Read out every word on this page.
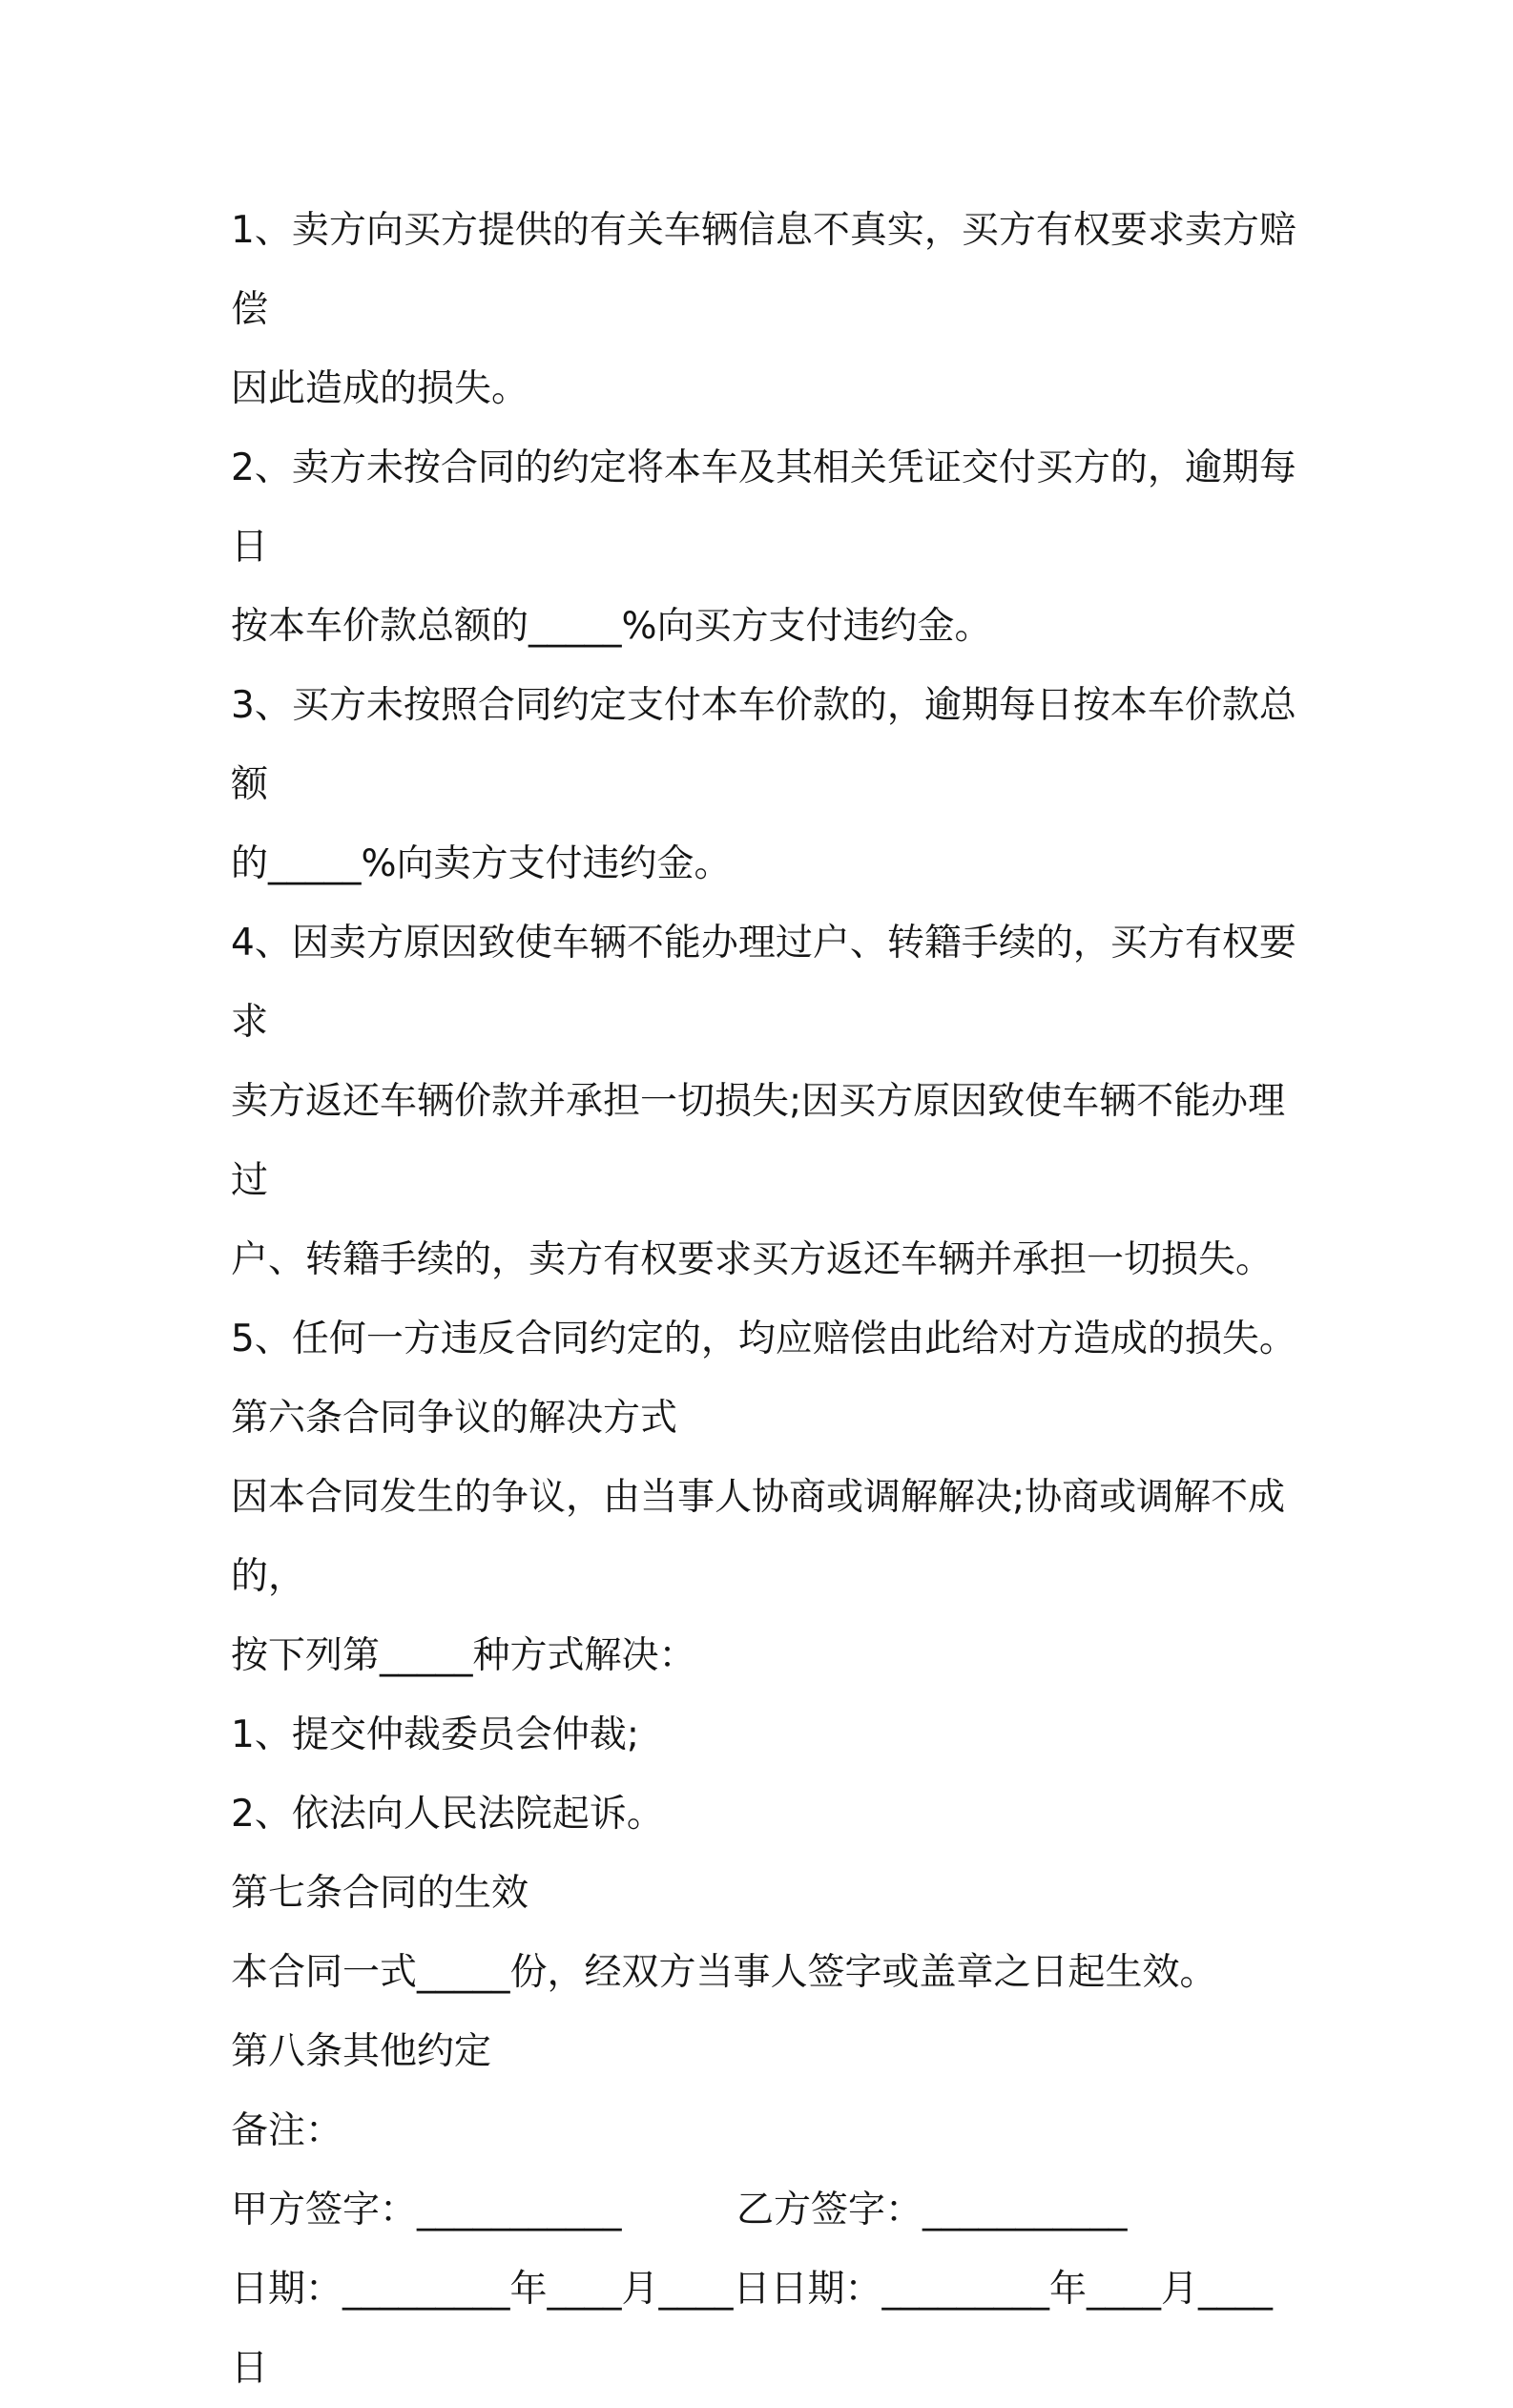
1、卖方向买方提供的有关车辆信息不真实，买方有权要求卖方赔偿

因此造成的损失。

2、卖方未按合同的约定将本车及其相关凭证交付买方的，逾期每日

按本车价款总额的_____%向买方支付违约金。

3、买方未按照合同约定支付本车价款的，逾期每日按本车价款总额

的_____%向卖方支付违约金。

4、因卖方原因致使车辆不能办理过户、转籍手续的，买方有权要求

卖方返还车辆价款并承担一切损失;因买方原因致使车辆不能办理过

户、转籍手续的，卖方有权要求买方返还车辆并承担一切损失。

5、任何一方违反合同约定的，均应赔偿由此给对方造成的损失。

第六条合同争议的解决方式

因本合同发生的争议，由当事人协商或调解解决;协商或调解不成的，

按下列第_____种方式解决：

1、提交仲裁委员会仲裁;

2、依法向人民法院起诉。

第七条合同的生效

本合同一式_____份，经双方当事人签字或盖章之日起生效。

第八条其他约定

备注：

甲方签字：___________	乙方签字：___________

日期：_________年____月____日日期：_________年____月____

日
